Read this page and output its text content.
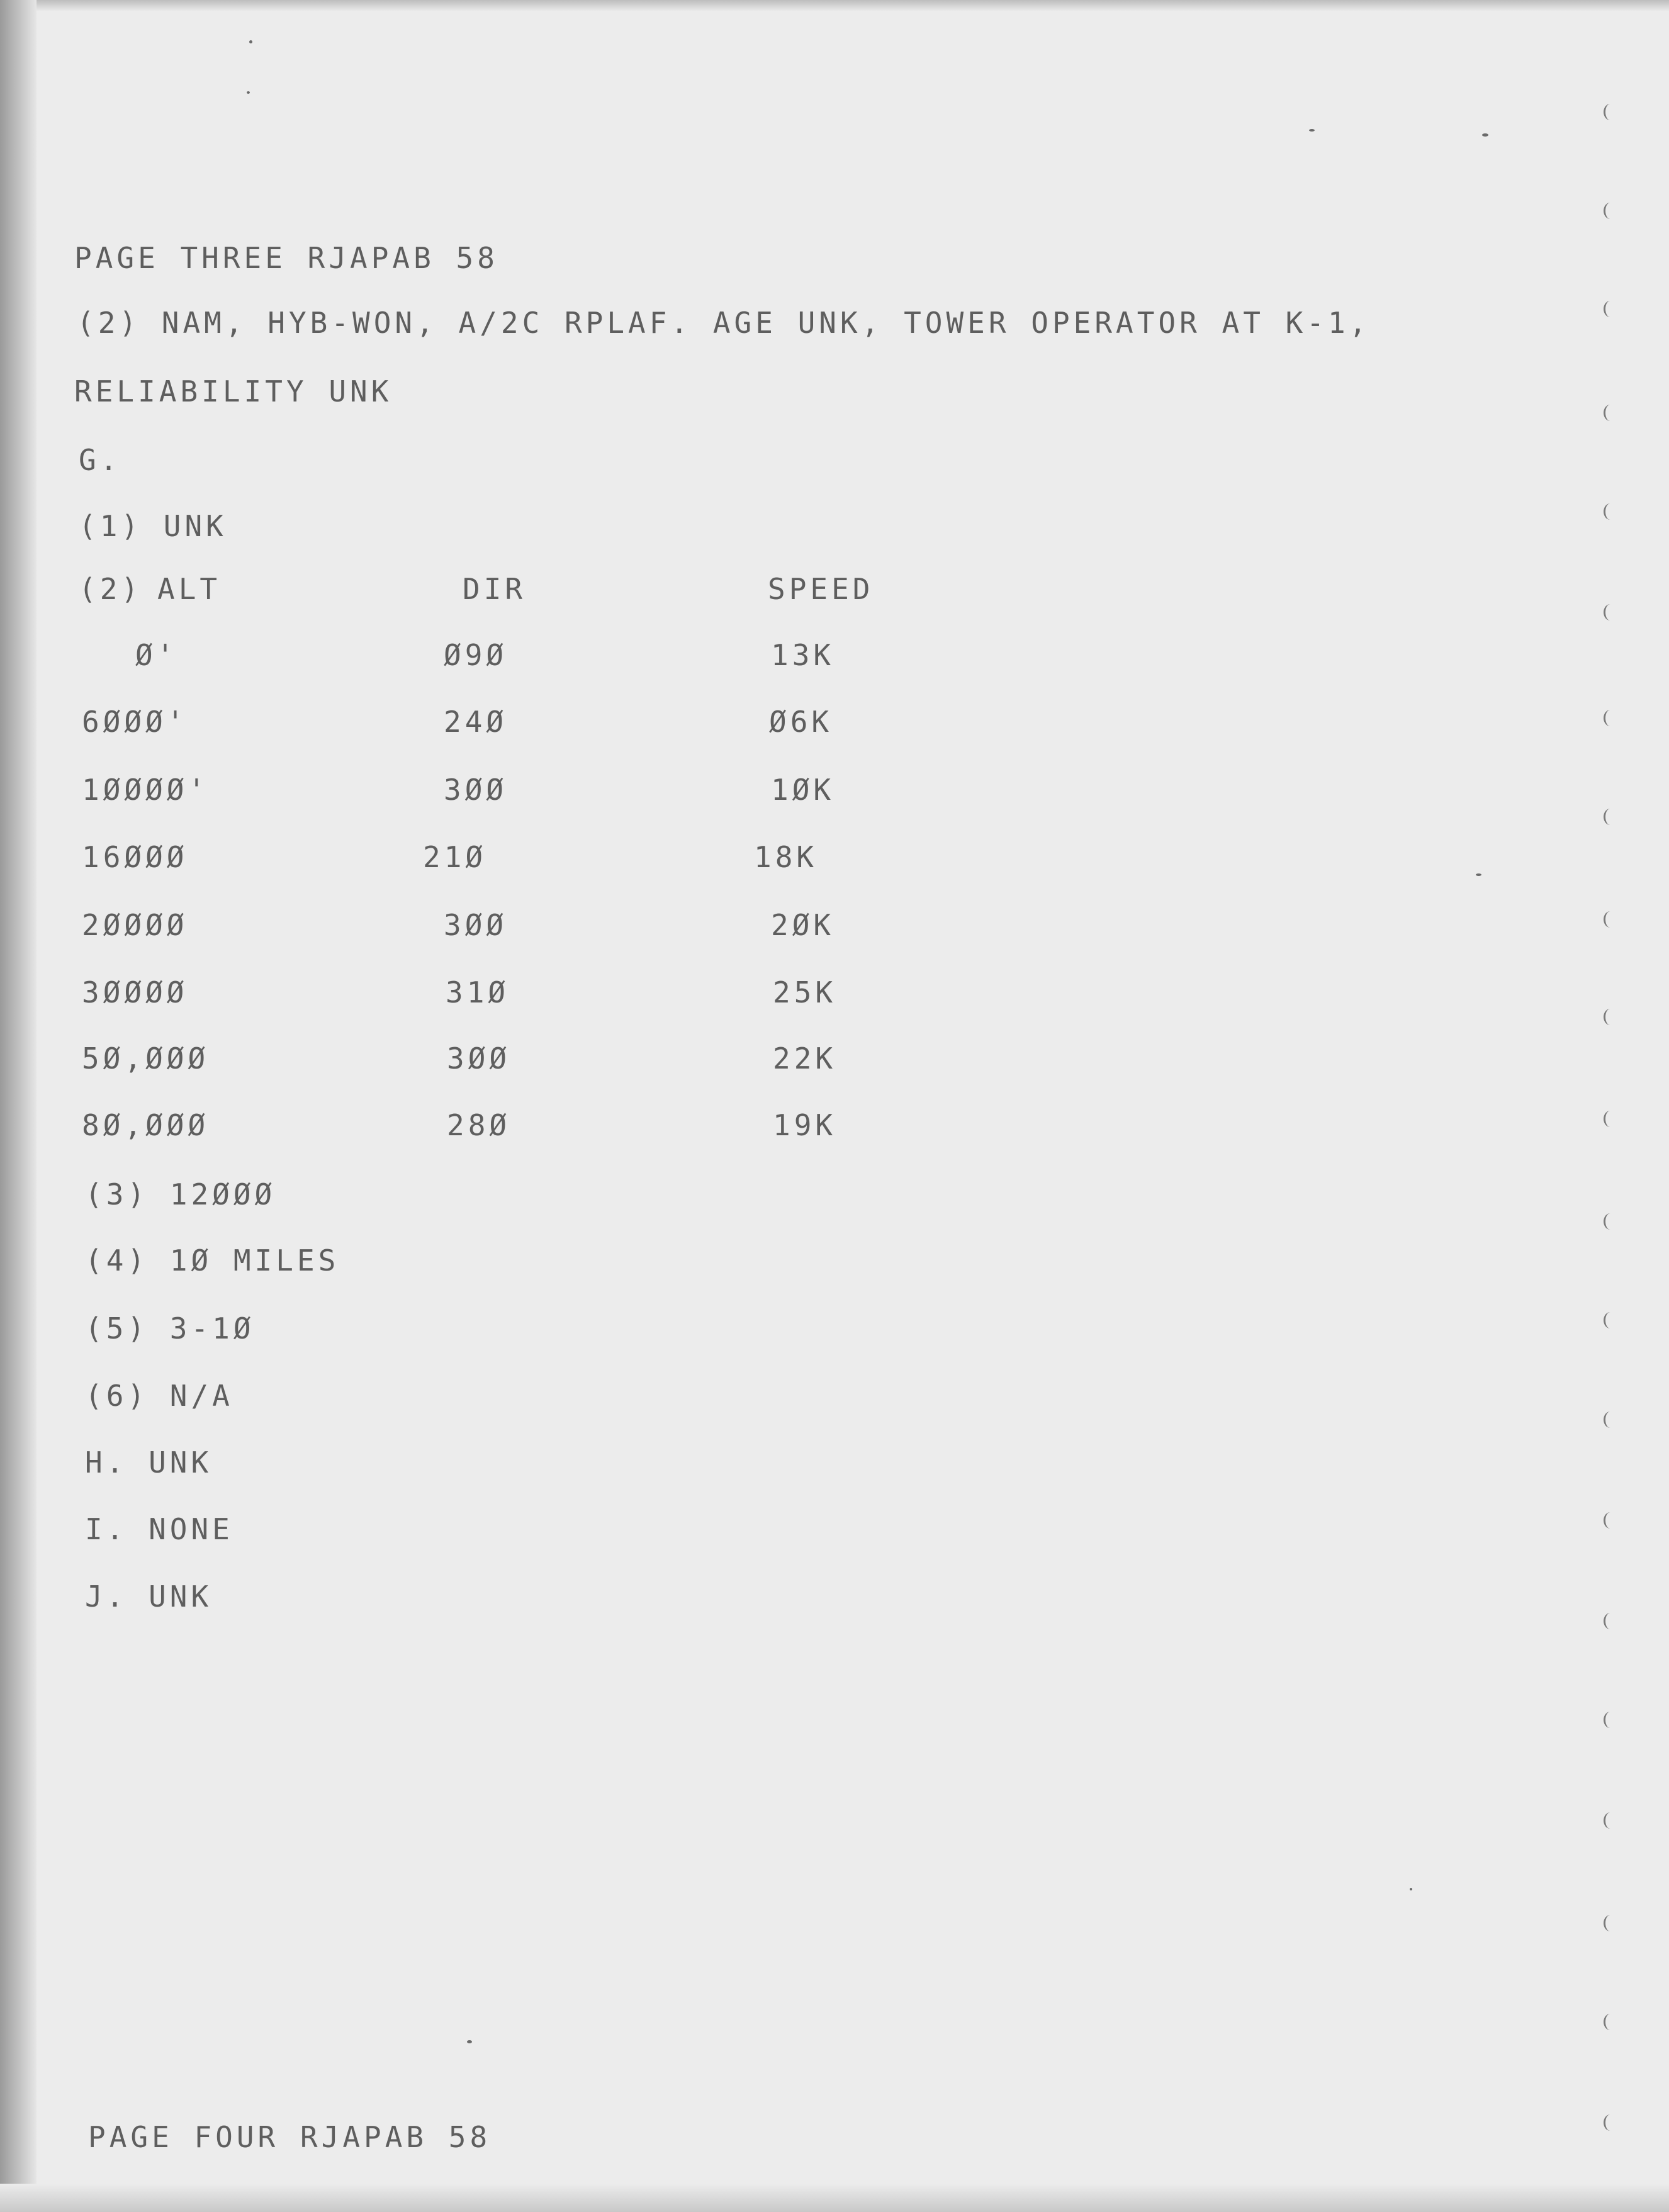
PAGE THREE RJAPAB 58
(2) NAM, HYB-WON, A/2C RPLAF. AGE UNK, TOWER OPERATOR AT K-1,
RELIABILITY UNK
G.
(1) UNK
(2) ALT	DIR	SPEED
Ø'	Ø9Ø	13K
6ØØØ'	24Ø	Ø6K
1ØØØØ'	3ØØ	1ØK
16ØØØ	21Ø	18K
2ØØØØ	3ØØ	2ØK
3ØØØØ	31Ø	25K
5Ø,ØØØ	3ØØ	22K
8Ø,ØØØ	28Ø	19K
(3) 12ØØØ
(4) 1Ø MILES
(5) 3-1Ø
(6) N/A
H. UNK
I. NONE
J. UNK
PAGE FOUR RJAPAB 58
